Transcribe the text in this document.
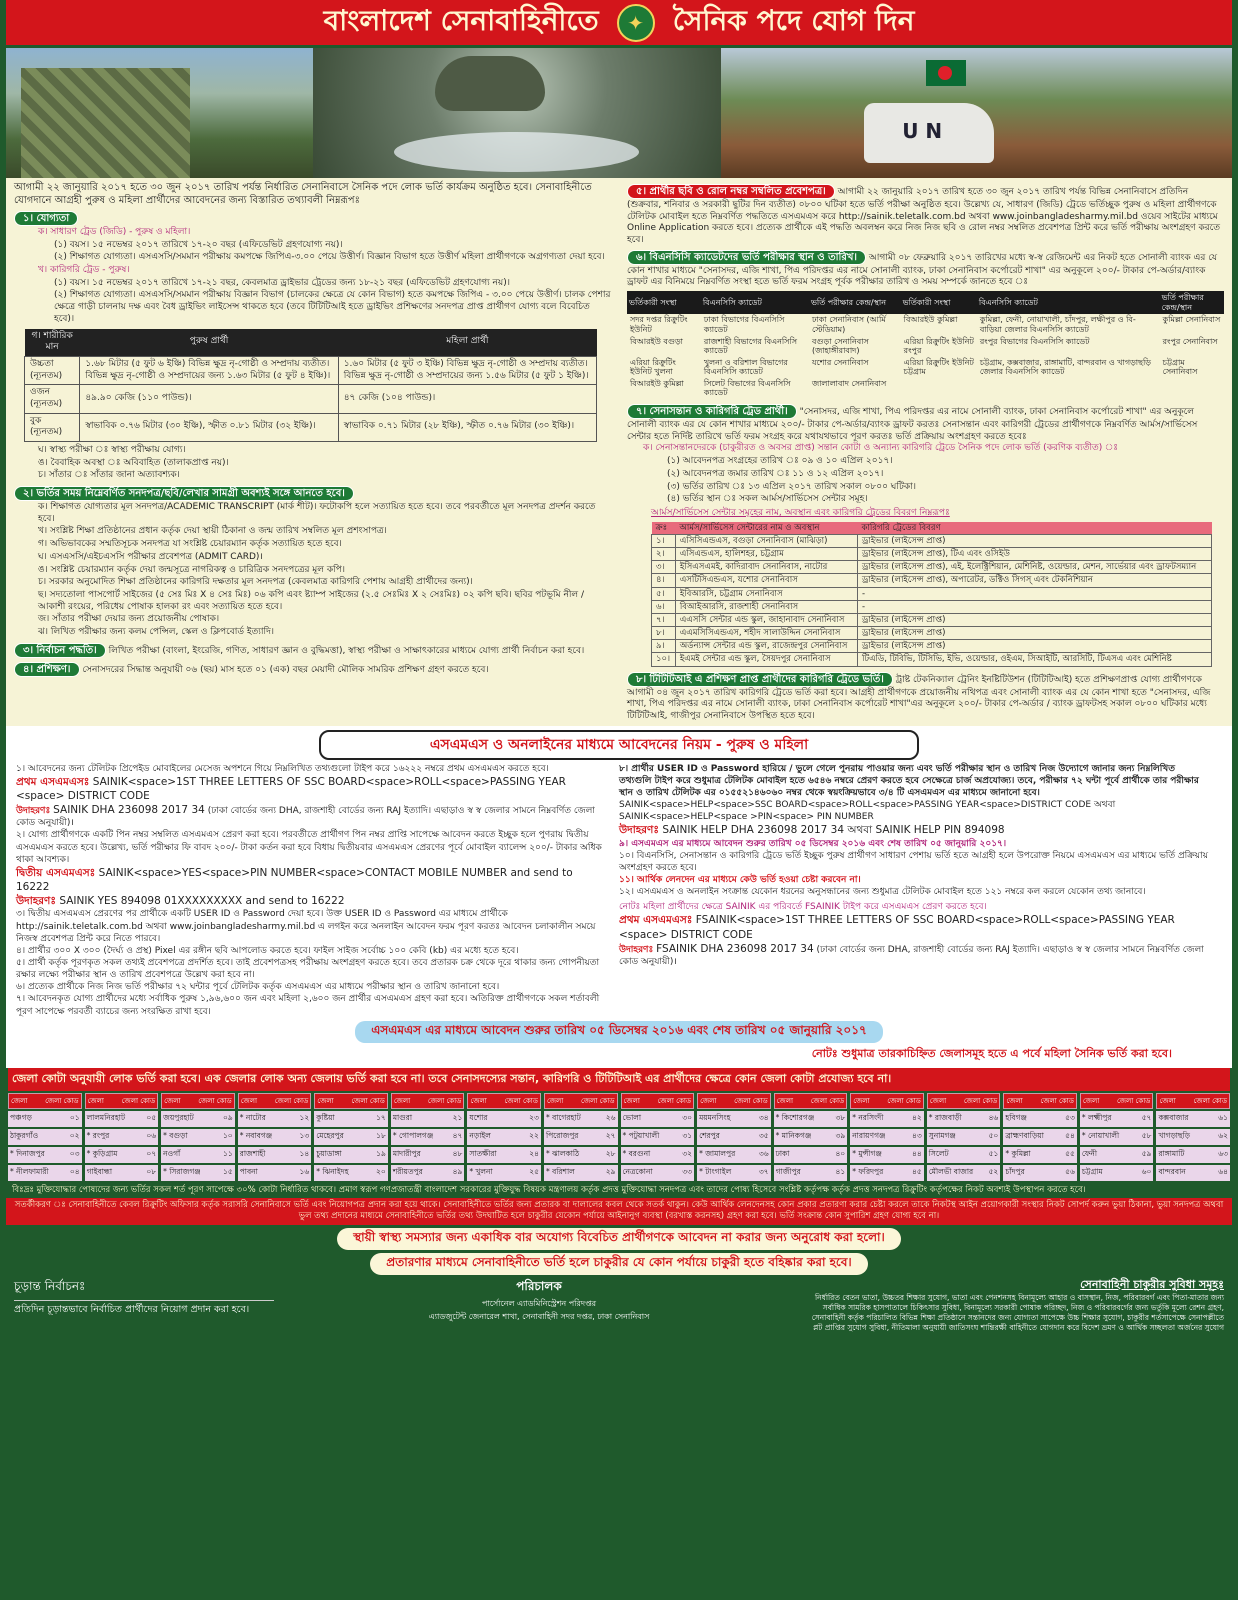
বাংলাদেশ সেনাবাহিনীতে	✦	সৈনিক পদে যোগ দিন
U N

আগামী ২২ জানুয়ারি ২০১৭ হতে ৩০ জুন ২০১৭ তারিখ পর্যন্ত নির্ধারিত সেনানিবাসে সৈনিক পদে লোক ভর্তি কার্যক্রম অনুষ্ঠিত হবে। সেনাবাহিনীতে যোগদানে আগ্রহী পুরুষ ও মহিলা প্রার্থীদের আবেদনের জন্য বিস্তারিত তথ্যাবলী নিম্নরূপঃ

১। যোগ্যতা

ক। সাধারণ ট্রেড (জিডি) - পুরুষ ও মহিলা।

(১) বয়স। ১৫ নভেম্বর ২০১৭ তারিখে ১৭-২০ বছর (এফিডেভিট গ্রহণযোগ্য নয়)।

(২) শিক্ষাগত যোগ্যতা। এসএসসি/সমমান পরীক্ষায় কমপক্ষে জিপিএ-৩.০০ পেয়ে উত্তীর্ণ। বিজ্ঞান বিভাগ হতে উত্তীর্ণ মহিলা প্রার্থীগণকে অগ্রগণ্যতা দেয়া হবে।

খ। কারিগরি ট্রেড - পুরুষ।

(১) বয়স। ১৫ নভেম্বর ২০১৭ তারিখে ১৭-২১ বছর, কেবলমাত্র ড্রাইভার ট্রেডের জন্য ১৮-২১ বছর (এফিডেভিট গ্রহণযোগ্য নয়)।

(২) শিক্ষাগত যোগ্যতা। এসএসসি/সমমান পরীক্ষায় বিজ্ঞান বিভাগ (চালকের ক্ষেত্রে যে কোন বিভাগ) হতে কমপক্ষে জিপিএ - ৩.০০ পেয়ে উত্তীর্ণ। চালক পেশার ক্ষেত্রে গাড়ী চালনায় দক্ষ এবং বৈধ ড্রাইভিং লাইসেন্স থাকতে হবে (তবে টিটিটিআই হতে ড্রাইভিং প্রশিক্ষণের সনদপত্র প্রাপ্ত প্রার্থীগণ যোগ্য বলে বিবেচিত হবে)।

গ। শারীরিক মান	পুরুষ প্রার্থী	মহিলা প্রার্থী
উচ্চতা (ন্যূনতম)	১.৬৮ মিটার (৫ ফুট ৬ ইঞ্চি) বিভিন্ন ক্ষুদ্র নৃ-গোষ্ঠী ও সম্প্রদায় ব্যতীত। বিভিন্ন ক্ষুদ্র নৃ-গোষ্ঠী ও সম্প্রদায়ের জন্য ১.৬৩ মিটার (৫ ফুট ৪ ইঞ্চি)।	১.৬০ মিটার (৫ ফুট ৩ ইঞ্চি) বিভিন্ন ক্ষুদ্র নৃ-গোষ্ঠী ও সম্প্রদায় ব্যতীত। বিভিন্ন ক্ষুদ্র নৃ-গোষ্ঠী ও সম্প্রদায়ের জন্য ১.৫৬ মিটার (৫ ফুট ১ ইঞ্চি)।
ওজন (ন্যূনতম)	৪৯.৯০ কেজি (১১০ পাউন্ড)।	৪৭ কেজি (১০৪ পাউন্ড)।
বুক (ন্যূনতম)	স্বাভাবিক ০.৭৬ মিটার (৩০ ইঞ্চি), স্ফীত ০.৮১ মিটার (৩২ ইঞ্চি)।	স্বাভাবিক ০.৭১ মিটার (২৮ ইঞ্চি), স্ফীত ০.৭৬ মিটার (৩০ ইঞ্চি)।

ঘ। স্বাস্থ্য পরীক্ষা ঃ স্বাস্থ্য পরীক্ষায় যোগ্য।

ঙ। বৈবাহিক অবস্থা ঃ অবিবাহিত (তালাকপ্রাপ্ত নয়)।

চ। সাঁতার ঃ সাঁতার জানা অত্যাবশ্যক।

২। ভর্তির সময় নিম্নেবর্ণিত সনদপত্র/ছবি/লেখার সামগ্রী অবশ্যই সঙ্গে আনতে হবে।

ক। শিক্ষাগত যোগ্যতার মূল সনদপত্র/ACADEMIC TRANSCRIPT (মার্ক শীট)। ফটোকপি হলে সত্যায়িত হতে হবে। তবে পরবর্তীতে মূল সনদপত্র প্রদর্শন করতে হবে।

খ। সংশ্লিষ্ট শিক্ষা প্রতিষ্ঠানের প্রধান কর্তৃক দেয়া স্থায়ী ঠিকানা ও জন্ম তারিখ সম্বলিত মূল প্রশংসাপত্র।

গ। অভিভাবকের সম্মতিসূচক সনদপত্র যা সংশ্লিষ্ট চেয়ারম্যান কর্তৃক সত্যায়িত হতে হবে।

ঘ। এসএসসি/এইচএসসি পরীক্ষার প্রবেশপত্র (ADMIT CARD)।

ঙ। সংশ্লিষ্ট চেয়ারম্যান কর্তৃক দেয়া জন্মসূত্রে নাগরিকত্ব ও চারিত্রিক সনদপত্রের মূল কপি।

চ। সরকার অনুমোদিত শিক্ষা প্রতিষ্ঠানের কারিগরি দক্ষতার মূল সনদপত্র (কেবলমাত্র কারিগরি পেশায় আগ্রহী প্রার্থীদের জন্য)।

ছ। সদ্যতোলা পাসপোর্ট সাইজের (৫ সেঃ মিঃ X ৪ সেঃ মিঃ) ০৬ কপি এবং ষ্ট্যাম্প সাইজের (২.৫ সেঃমিঃ X ২ সেঃমিঃ) ০২ কপি ছবি। ছবির পটভূমি নীল /আকাশী রংয়ের, পরিধেয় পোষাক হালকা রং এবং সত্যায়িত হতে হবে।

জ। সাঁতার পরীক্ষা দেয়ার জন্য প্রয়োজনীয় পোষাক।

ঝ। লিখিত পরীক্ষার জন্য কলম পেন্সিল, স্কেল ও ক্লিপবোর্ড ইত্যাদি।

৩। নির্বাচন পদ্ধতি। লিখিত পরীক্ষা (বাংলা, ইংরেজি, গণিত, সাধারণ জ্ঞান ও বুদ্ধিমত্তা), স্বাস্থ্য পরীক্ষা ও সাক্ষাৎকারের মাধ্যমে যোগ্য প্রার্থী নির্বাচন করা হবে।
৪। প্রশিক্ষণ। সেনাসদরের সিদ্ধান্ত অনুযায়ী ০৬ (ছয়) মাস হতে ০১ (এক) বছর মেয়াদী মৌলিক সামরিক প্রশিক্ষণ গ্রহণ করতে হবে।
৫। প্রার্থীর ছবি ও রোল নম্বর সম্বলিত প্রবেশপত্র। আগামী ২২ জানুয়ারি ২০১৭ তারিখ হতে ৩০ জুন ২০১৭ তারিখ পর্যন্ত বিভিন্ন সেনানিবাসে প্রতিদিন (শুক্রবার, শনিবার ও সরকারী ছুটির দিন ব্যতীত) ০৮০০ ঘটিকা হতে ভর্তি পরীক্ষা অনুষ্ঠিত হবে। উল্লেখ্য যে, সাধারণ (জিডি) ট্রেডে ভর্তিচ্ছুক পুরুষ ও মহিলা প্রার্থীগণকে টেলিটক মোবাইল হতে নিম্নবর্ণিত পদ্ধতিতে এসএমএস করে http://sainik.teletalk.com.bd অথবা www.joinbangladesharmy.mil.bd ওয়েব সাইটের মাধ্যমে Online Application করতে হবে। প্রত্যেক প্রার্থীকে এই পদ্ধতি অবলম্বন করে নিজ নিজ ছবি ও রোল নম্বর সম্বলিত প্রবেশপত্র প্রিন্ট করে ভর্তি পরীক্ষায় অংশগ্রহণ করতে হবে।
৬। বিএনসিসি ক্যাডেটদের ভর্তি পরীক্ষার স্থান ও তারিখ। আগামী ০৮ ফেব্রুয়ারি ২০১৭ তারিখের মধ্যে স্ব-স্ব রেজিমেন্ট এর নিকট হতে সোনালী ব্যাংক এর যে কোন শাখার মাধ্যমে "সেনাসদর, এজি শাখা, পিএ পরিদপ্তর এর নামে সোনালী ব্যাংক, ঢাকা সেনানিবাস কর্পোরেট শাখা" এর অনুকূলে ২০০/- টাকার পে-অর্ডার/ব্যাংক ড্রাফট এর বিনিময়ে নিম্নবর্ণিত সংস্থা হতে ভর্তি ফরম সংগ্রহ পূর্বক পরীক্ষার তারিখ ও সময় সম্পর্কে জানতে হবে ঃ
ভর্তিকারী সংস্থা	বিএনসিসি ক্যাডেট	ভর্তি পরীক্ষার কেন্দ্র/স্থান	ভর্তিকারী সংস্থা	বিএনসিসি ক্যাডেট	ভর্তি পরীক্ষার কেন্দ্র/স্থান
সদর দপ্তর রিক্রুটিং ইউনিট	ঢাকা বিভাগের বিএনসিসি ক্যাডেট	ঢাকা সেনানিবাস (আর্মি স্টেডিয়াম)	বিআরইউ কুমিল্লা	কুমিল্লা, ফেনী, নোয়াখালী, চাঁদপুর, লক্ষীপুর ও বি-বাড়িয়া জেলার বিএনসিসি ক্যাডেট	কুমিল্লা সেনানিবাস
বিআরইউ বগুড়া	রাজশাহী বিভাগের বিএনসিসি ক্যাডেট	বগুড়া সেনানিবাস (জাহাঙ্গীরাবাদ)	এরিয়া রিক্রুটিং ইউনিট রংপুর	রংপুর বিভাগের বিএনসিসি ক্যাডেট	রংপুর সেনানিবাস
এরিয়া রিক্রুটিং ইউনিট খুলনা	খুলনা ও বরিশাল বিভাগের বিএনসিসি ক্যাডেট	যশোর সেনানিবাস	এরিয়া রিক্রুটিং ইউনিট চট্টগ্রাম	চট্টগ্রাম, কক্সবাজার, রাঙ্গামাটি, বান্দরবান ও খাগড়াছড়ি জেলার বিএনসিসি ক্যাডেট	চট্টগ্রাম সেনানিবাস
বিআরইউ কুমিল্লা	সিলেট বিভাগের বিএনসিসি ক্যাডেট	জালালাবাদ সেনানিবাস			
৭। সেনাসন্তান ও কারিগরি ট্রেড প্রার্থী। "সেনাসদর, এজি শাখা, পিএ পরিদপ্তর এর নামে সোনালী ব্যাংক, ঢাকা সেনানিবাস কর্পোরেট শাখা" এর অনুকূলে সোনালী ব্যাংক এর যে কোন শাখার মাধ্যমে ২০০/- টাকার পে-অর্ডার/ব্যাংক ড্রাফট করতঃ সেনাসন্তান এবং কারিগরী ট্রেডের প্রার্থীগণকে নিম্নবর্ণিত আর্মস/সার্ভিসেস সেন্টার হতে নির্দিষ্ট তারিখে ভর্তি ফরম সংগ্রহ করে যথাযথভাবে পূরণ করতঃ ভর্তি প্রক্রিয়ায় অংশগ্রহণ করতে হবেঃ

ক। সেনাসন্তানদেরকে (চাকুরীরত ও অবসর প্রাপ্ত) সন্তান কোটা ও অন্যান্য কারিগরি ট্রেডে সৈনিক পদে লোক ভর্তি (করণিক ব্যতীত) ঃ

(১) আবেদনপত্র সংগ্রহের তারিখ ঃ ০৯ ও ১০ এপ্রিল ২০১৭।

(২) আবেদনপত্র জমার তারিখ ঃ ১১ ও ১২ এপ্রিল ২০১৭।

(৩) ভর্তির তারিখ ঃ ১৩ এপ্রিল ২০১৭ তারিখ সকাল ০৮০০ ঘটিকা।

(৪) ভর্তির স্থান ঃ সকল আর্মস/সার্ভিসেস সেন্টার সমূহ।

আর্মস/সার্ভিসেস সেন্টার সমূহের নাম, অবস্থান এবং কারিগরি ট্রেডের বিবরণ নিম্নরূপঃ

ক্রঃ	আর্মস/সার্ভিসেস সেন্টারের নাম ও অবস্থান	কারিগরি ট্রেডের বিবরণ
১।	এসিসিএন্ডএস, বগুড়া সেনানিবাস (মাঝিড়া)	ড্রাইভার (লাইসেন্স প্রাপ্ত)
২।	এসিএন্ডএস, হালিশহর, চট্টগ্রাম	ড্রাইভার (লাইসেন্স প্রাপ্ত), টিএ এবং ওসিইউ
৩।	ইসিএসএমই, কাদিরাবাদ সেনানিবাস, নাটোর	ড্রাইভার (লাইসেন্স প্রাপ্ত), এই, ইলেক্ট্রিশিয়ান, মেশিনিষ্ট, ওয়েল্ডার, মেশন, সার্ভেয়ার এবং ড্রাফটসম্যান
৪।	এসটিসিএন্ডএস, যশোর সেনানিবাস	ড্রাইভার (লাইসেন্স প্রাপ্ত), অপারেটর, ডক্টিও সিগস্‌ এবং টেকনিশিয়ান
৫।	ইবিআরসি, চট্টগ্রাম সেনানিবাস	-
৬।	বিআইআরসি, রাজশাহী সেনানিবাস	-
৭।	এএসসি সেন্টার এন্ড স্কুল, জাহানাবাদ সেনানিবাস	ড্রাইভার (লাইসেন্স প্রাপ্ত)
৮।	এএমসিসিএন্ডএস, শহীদ সালাউদ্দিন সেনানিবাস	ড্রাইভার (লাইসেন্স প্রাপ্ত)
৯।	অর্ডন্যান্স সেন্টার এন্ড স্কুল, রাজেন্দ্রপুর সেনানিবাস	ড্রাইভার (লাইসেন্স প্রাপ্ত)
১০।	ইএমই সেন্টার এন্ড স্কুল, সৈয়দপুর সেনানিবাস	টিএডি, টিবিভি, টিসিভি, ইভি, ওয়েল্ডার, ওইএম, সিআইটি, আরসিটি, টিএসএ এবং মেশিনিষ্ট
৮। টিটিটিআই এ প্রশিক্ষণ প্রাপ্ত প্রার্থীদের কারিগরি ট্রেডে ভর্তি। ট্রাষ্ট টেকনিক্যাল ট্রেনিং ইনষ্টিটিউশন (টিটিটিআই) হতে প্রশিক্ষণপ্রাপ্ত যোগ্য প্রার্থীগণকে আগামী ০৪ জুন ২০১৭ তারিখ কারিগরি ট্রেডে ভর্তি করা হবে। আগ্রহী প্রার্থীগণকে প্রয়োজনীয় নথিপত্র এবং সোনালী ব্যাংক এর যে কোন শাখা হতে "সেনাসদর, এজি শাখা, পিএ পরিদপ্তর এর নামে সোনালী ব্যাংক, ঢাকা সেনানিবাস কর্পোরেট শাখা"এর অনুকূলে ২০০/- টাকার পে-অর্ডার / ব্যাংক ড্রাফটসহ সকাল ০৮০০ ঘটিকার মধ্যে টিটিটিআই, গাজীপুর সেনানিবাসে উপস্থিত হতে হবে।
এসএমএস ও অনলাইনের মাধ্যমে আবেদনের নিয়ম - পুরুষ ও মহিলা

১। আবেদনের জন্য টেলিটক প্রিপেইড মোবাইলের মেসেজ অপশনে গিয়ে নিম্নলিখিত তথ্যগুলো টাইপ করে ১৬২২২ নম্বরে প্রথম এসএমএস করতে হবে।

প্রথম এসএমএসঃ SAINIK<space>1ST THREE LETTERS OF SSC BOARD<space>ROLL<space>PASSING YEAR <space> DISTRICT CODE

উদাহরণঃ SAINIK DHA 236098 2017 34 (ঢাকা বোর্ডের জন্য DHA, রাজশাহী বোর্ডের জন্য RAJ ইত্যাদি। এছাড়াও স্ব স্ব জেলার সামনে নিম্নবর্ণিত জেলা কোড অনুযায়ী)।

২। যোগ্য প্রার্থীগণকে একটি পিন নম্বর সম্বলিত এসএমএস প্রেরণ করা হবে। পরবর্তীতে প্রার্থীগণ পিন নম্বর প্রাপ্তি সাপেক্ষে আবেদন করতে ইচ্ছুক হলে পুণরায় দ্বিতীয় এসএমএস করতে হবে। উল্লেখ্য, ভর্তি পরীক্ষার ফি বাবদ ২০০/- টাকা কর্তন করা হবে বিধায় দ্বিতীয়বার এসএমএস প্রেরণের পূর্বে মোবাইল ব্যালেন্স ২০০/- টাকার অধিক থাকা আবশ্যক।

দ্বিতীয় এসএমএসঃ SAINIK<space>YES<space>PIN NUMBER<space>CONTACT MOBILE NUMBER and send to 16222

উদাহরণঃ SAINIK YES 894098 01XXXXXXXXX and send to 16222

৩। দ্বিতীয় এসএমএস প্রেরণের পর প্রার্থীকে একটি USER ID ও Password দেয়া হবে। উক্ত USER ID ও Password এর মাধ্যমে প্রার্থীকে http://sainik.teletalk.com.bd অথবা www.joinbangladesharmy.mil.bd এ লগইন করে অনলাইন আবেদন ফরম পূরণ করতঃ আবেদন চলাকালীন সময়ে নিজস্ব প্রবেশপত্র প্রিন্ট করে নিতে পারবে।

৪। প্রার্থীর ৩০০ X ৩০০ (দৈর্ঘ্য ও প্রস্থ) Pixel এর রঙ্গীন ছবি আপলোড করতে হবে। ফাইল সাইজ সর্বোচ্চ ১০০ কেবি (kb) এর মধ্যে হতে হবে।

৫। প্রার্থী কর্তৃক পূরণকৃত সকল তথ্যই প্রবেশপত্রে প্রদর্শিত হবে। তাই প্রবেশপত্রসহ পরীক্ষায় অংশগ্রহণ করতে হবে। তবে প্রতারক চক্র থেকে দূরে থাকার জন্য গোপনীয়তা রক্ষার লক্ষ্যে পরীক্ষার স্থান ও তারিখ প্রবেশপত্রে উল্লেখ করা হবে না।

৬। প্রত্যেক প্রার্থীকে নিজ নিজ ভর্তি পরীক্ষার ৭২ ঘন্টার পূর্বে টেলিটক কর্তৃক এসএমএস এর মাধ্যমে পরীক্ষার স্থান ও তারিখ জানানো হবে।

৭। আবেদনকৃত যোগ্য প্রার্থীদের মধ্যে সর্বাধিক পুরুষ ১,৯৬,৬০০ জন এবং মহিলা ২,৬০০ জন প্রার্থীর এসএমএস গ্রহণ করা হবে। অতিরিক্ত প্রার্থীগণকে সকল শর্তাবলী পূরণ সাপেক্ষে পরবর্তী ব্যাচের জন্য সংরক্ষিত রাখা হবে।

৮। প্রার্থীর USER ID ও Password হারিয়ে / ভুলে গেলে পুনরায় পাওয়ার জন্য এবং ভর্তি পরীক্ষার স্থান ও তারিখ নিজ উদ্যোগে জানার জন্য নিম্নলিখিত তথ্যগুলি টাইপ করে শুধুমাত্র টেলিটক মোবাইল হতে ৬৫৪৬ নম্বরে প্রেরণ করতে হবে সেক্ষেত্রে চার্জ অপ্রযোজ্য। তবে, পরীক্ষার ৭২ ঘন্টা পূর্বে প্রার্থীকে তার পরীক্ষার স্থান ও তারিখ টেলিটক এর ০১৫৫২১৪৬০৬০ নম্বর থেকে স্বয়ংক্রিয়ভাবে ৩/৪ টি এসএমএস এর মাধ্যমে জানানো হবে।

SAINIK<space>HELP<space>SSC BOARD<space>ROLL<space>PASSING YEAR<space>DISTRICT CODE অথবা SAINIK<space>HELP<space >PIN<space> PIN NUMBER

উদাহরণঃ SAINIK HELP DHA 236098 2017 34 অথবা SAINIK HELP PIN 894098

৯। এসএমএস এর মাধ্যমে আবেদন শুরুর তারিখ ০৫ ডিসেম্বর ২০১৬ এবং শেষ তারিখ ০৫ জানুয়ারি ২০১৭।

১০। বিএনসিসি, সেনাসন্তান ও কারিগরি ট্রেডে ভর্তি ইচ্ছুক পুরুষ প্রার্থীগণ সাধারণ পেশায় ভর্তি হতে আগ্রহী হলে উপরোক্ত নিয়মে এসএমএস এর মাধ্যমে ভর্তি প্রক্রিয়ায় অংশগ্রহণ করতে হবে।

১১। আর্থিক লেনদেন এর মাধ্যমে কেউ ভর্তি হওয়া চেষ্টা করবেন না।

১২। এসএমএস ও অনলাইন সংক্রান্ত যেকোন ধরনের অনুসন্ধানের জন্য শুধুমাত্র টেলিটক মোবাইল হতে ১২১ নম্বরে কল করলে যেকোন তথ্য জানাবে।

নোটঃ মহিলা প্রার্থীদের ক্ষেত্রে SAINIK এর পরিবর্তে FSAINIK টাইপ করে এসএমএস প্রেরণ করতে হবে।

প্রথম এসএমএসঃ FSAINIK<space>1ST THREE LETTERS OF SSC BOARD<space>ROLL<space>PASSING YEAR <space> DISTRICT CODE

উদাহরণঃ FSAINIK DHA 236098 2017 34 (ঢাকা বোর্ডের জন্য DHA, রাজশাহী বোর্ডের জন্য RAJ ইত্যাদি। এছাড়াও স্ব স্ব জেলার সামনে নিম্নবর্ণিত জেলা কোড অনুযায়ী)।

এসএমএস এর মাধ্যমে আবেদন শুরুর তারিখ ০৫ ডিসেম্বর ২০১৬ এবং শেষ তারিখ ০৫ জানুয়ারি ২০১৭
নোটঃ শুধুমাত্র তারকাচিহ্নিত জেলাসমূহ হতে এ পর্বে মহিলা সৈনিক ভর্তি করা হবে।
জেলা কোটা অনুযায়ী লোক ভর্তি করা হবে। এক জেলার লোক অন্য জেলায় ভর্তি করা হবে না। তবে সেনাসদস্যের সন্তান, কারিগরি ও টিটিটিআই এর প্রার্থীদের ক্ষেত্রে কোন জেলা কোটা প্রযোজ্য হবে না।
জেলা	জেলা কোড
পঞ্চগড়	০১
ঠাকুরগাঁও	০২
* দিনাজপুর	০৩
* নীলফামারী	০৪
জেলা	জেলা কোড
লালমনিরহাট	০৫
* রংপুর	০৬
* কুড়িগ্রাম	০৭
গাইবান্ধা	০৮
জেলা	জেলা কোড
জয়পুরহাট	০৯
* বগুড়া	১০
নওগাঁ	১১
* সিরাজগঞ্জ	১৫
জেলা	জেলা কোড
* নাটোর	১২
* নবাবগঞ্জ	১৩
রাজশাহী	১৪
পাবনা	১৬
জেলা	জেলা কোড
কুষ্টিয়া	১৭
মেহেরপুর	১৮
চুয়াডাঙ্গা	১৯
* ঝিনাইদহ	২০
জেলা	জেলা কোড
মাগুরা	২১
* গোপালগঞ্জ	৪৭
মাদারীপুর	৪৮
শরীয়তপুর	৪৯
জেলা	জেলা কোড
যশোর	২৩
নড়াইল	২২
সাতক্ষীরা	২৪
* খুলনা	২৫
জেলা	জেলা কোড
* বাগেরহাট	২৬
পিরোজপুর	২৭
* ঝালকাঠি	২৮
* বরিশাল	২৯
জেলা	জেলা কোড
ভোলা	৩০
* পটুয়াখালী	৩১
* বরগুনা	৩২
নেত্রকোনা	৩৩
জেলা	জেলা কোড
ময়মনসিংহ	৩৪
শেরপুর	৩৫
* জামালপুর	৩৬
* টাংগাইল	৩৭
জেলা	জেলা কোড
* কিশোরগঞ্জ	৩৮
* মানিকগঞ্জ	৩৯
ঢাকা	৪০
গাজীপুর	৪১
জেলা	জেলা কোড
* নরসিংদী	৪২
নারায়ণগঞ্জ	৪৩
* মুন্সীগঞ্জ	৪৪
* ফরিদপুর	৪৫
জেলা	জেলা কোড
* রাজবাড়ী	৪৬
সুনামগঞ্জ	৫০
সিলেট	৫১
মৌলভী বাজার ৫২
জেলা	জেলা কোড
হবিগঞ্জ	৫৩
ব্রাহ্মণবাড়িয়া	৫৪
* কুমিল্লা	৫৫
চাঁদপুর	৫৬
জেলা	জেলা কোড
* লক্ষ্মীপুর	৫৭
* নোয়াখালী	৫৮
ফেনী	৫৯
চট্টগ্রাম	৬০
জেলা	জেলা কোড
কক্সবাজার	৬১
খাগড়াছড়ি	৬২
রাঙ্গামাটি	৬৩
বান্দরবান	৬৪
বিঃদ্রঃ মুক্তিযোদ্ধার পোষ্যদের জন্য ভর্তির সকল শর্ত পূরণ সাপেক্ষে ৩০% কোটা নির্ধারিত থাকবে। প্রমাণ স্বরূপ গণপ্রজাতন্ত্রী বাংলাদেশ সরকারের মুক্তিযুদ্ধ বিষয়ক মন্ত্রণালয় কর্তৃক প্রদত্ত মুক্তিযোদ্ধা সনদপত্র এবং তাদের পোষ্য হিসেবে সংশ্লিষ্ট কর্তৃপক্ষ কর্তৃক প্রদত্ত সনদপত্র রিক্রুটিং কর্তৃপক্ষের নিকট অবশ্যই উপস্থাপন করতে হবে।
সতর্কীকরণ ঃ সেনাবাহিনীতে কেবল রিক্রুটিং অফিসার কর্তৃক সরাসরি সেনানিবাসে ভর্তি এবং নিয়োগপত্র প্রদান করা হয়ে থাকে। সেনাবাহিনীতে ভর্তির জন্য প্রতারক বা দালালের কবল থেকে সতর্ক থাকুন। কেউ আর্থিক লেনদেনসহ কোন প্রকার প্রতারণা করার চেষ্টা করলে তাকে নিকটস্থ আইন প্রয়োগকারী সংস্থার নিকট সোপর্দ করুন ভুয়া ঠিকানা, ভুয়া সনদপত্র অথবা ভুল তথ্য প্রদানের মাধ্যমে সেনাবাহিনীতে ভর্তির তথ্য উদঘাটিত হলে চাকুরীর যেকোন পর্যায়ে আইনানুগ ব্যবস্থা (বরখাস্ত করনসহ) গ্রহণ করা হবে। ভর্তি সংক্রান্ত কোন সুপারিশ গ্রহণ যোগ্য হবে না।
স্থায়ী স্বাস্থ্য সমস্যার জন্য একাধিক বার অযোগ্য বিবেচিত প্রার্থীগণকে আবেদন না করার জন্য অনুরোধ করা হলো।
প্রতারণার মাধ্যমে সেনাবাহিনীতে ভর্তি হলে চাকুরীর যে কোন পর্যায়ে চাকুরী হতে বহিষ্কার করা হবে।
চূড়ান্ত নির্বাচনঃ
প্রতিদিন চূড়ান্তভাবে নির্বাচিত প্রার্থীদের নিয়োগ প্রদান করা হবে।
পরিচালক
পার্সোনেল এ্যাডমিনিস্ট্রেশন পরিদপ্তর
এ্যাডজুটেন্ট জেনারেল শাখা, সেনাবাহিনী সদর দপ্তর, ঢাকা সেনানিবাস
সেনাবাহিনী চাকুরীর সুবিধা সমূহঃ
নির্ধারিত বেতন ভাতা, উচ্চতর শিক্ষার সুযোগ, ভাতা এবং পেনশনসহ বিনামূল্যে আহার ও বাসস্থান, নিজ, পরিবারবর্গ এবং পিতা-মাতার জন্য সর্বাধিক সামরিক হাসপাতালে চিকিৎসার সুবিধা, বিনামূল্যে সরকারী পোষাক পরিচ্ছদ, নিজ ও পরিবারবর্গের জন্য ভর্তুকি মূল্যে রেশন গ্রহণ, সেনাবাহিনী কর্তৃক পরিচালিত বিভিন্ন শিক্ষা প্রতিষ্ঠানে সন্তানদের জন্য যোগ্যতা সাপেক্ষে উচ্চ শিক্ষার সুযোগ, চাকুরীর শর্তসাপেক্ষে সেনাপল্লীতে প্লট প্রাপ্তির সুযোগ সুবিধা, নীতিমালা অনুযায়ী জাতিসংঘ শান্তিরক্ষী বাহিনীতে যোগদান করে বিদেশ ভ্রমণ ও আর্থিক সচ্ছলতা অর্জনের সুযোগ
